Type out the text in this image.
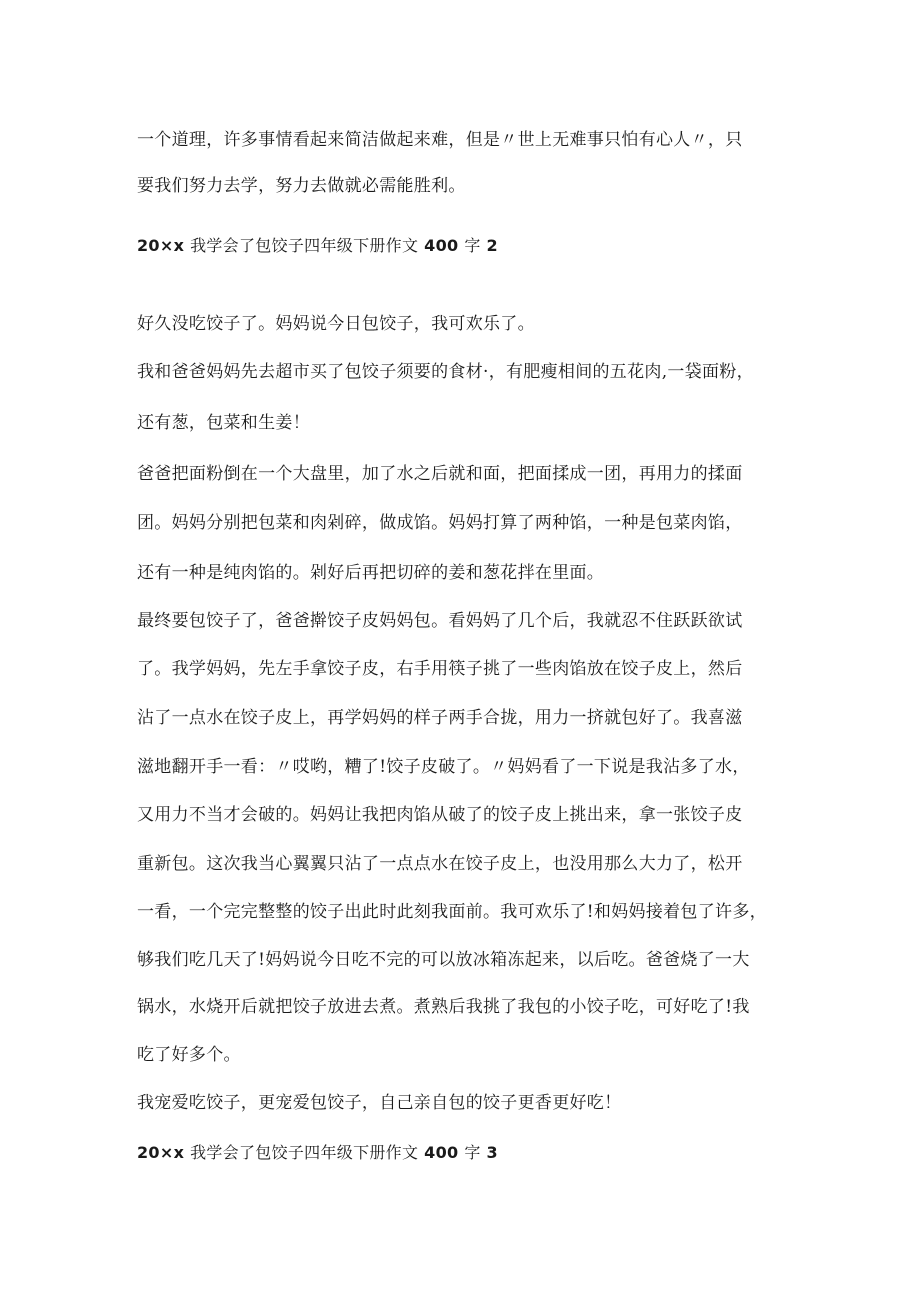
一个道理，许多事情看起来简洁做起来难，但是〃世上无难事只怕有心人〃，只
要我们努力去学，努力去做就必需能胜利。
20×x 我学会了包饺子四年级下册作文 400 字 2
好久没吃饺子了。妈妈说今日包饺子，我可欢乐了。
我和爸爸妈妈先去超市买了包饺子须要的食材·，有肥瘦相间的五花肉,一袋面粉，
还有葱，包菜和生姜！
爸爸把面粉倒在一个大盘里，加了水之后就和面，把面揉成一团，再用力的揉面
团。妈妈分别把包菜和肉剁碎，做成馅。妈妈打算了两种馅，一种是包菜肉馅，
还有一种是纯肉馅的。剁好后再把切碎的姜和葱花拌在里面。
最终要包饺子了，爸爸擀饺子皮妈妈包。看妈妈了几个后，我就忍不住跃跃欲试
了。我学妈妈，先左手拿饺子皮，右手用筷子挑了一些肉馅放在饺子皮上，然后
沾了一点水在饺子皮上，再学妈妈的样子两手合拢，用力一挤就包好了。我喜滋
滋地翻开手一看：〃哎哟，糟了!饺子皮破了。〃妈妈看了一下说是我沾多了水，
又用力不当才会破的。妈妈让我把肉馅从破了的饺子皮上挑出来，拿一张饺子皮
重新包。这次我当心翼翼只沾了一点点水在饺子皮上，也没用那么大力了，松开
一看，一个完完整整的饺子出此时此刻我面前。我可欢乐了!和妈妈接着包了许多，
够我们吃几天了!妈妈说今日吃不完的可以放冰箱冻起来，以后吃。爸爸烧了一大
锅水，水烧开后就把饺子放进去煮。煮熟后我挑了我包的小饺子吃，可好吃了!我
吃了好多个。
我宠爱吃饺子，更宠爱包饺子，自己亲自包的饺子更香更好吃！
20×x 我学会了包饺子四年级下册作文 400 字 3
